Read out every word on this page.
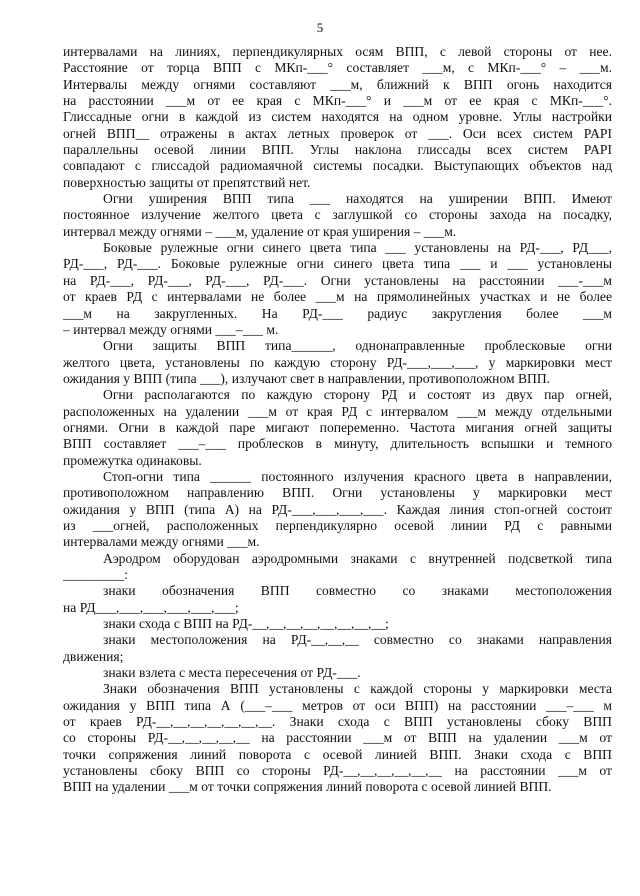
5

интервалами на линиях, перпендикулярных осям ВПП, с левой стороны от нее.

Расстояние от торца ВПП с МКп-___° составляет ___м, с МКп-___° – ___м.

Интервалы между огнями составляют ___м, ближний к ВПП огонь находится

на расстоянии ___м от ее края с МКп-___° и ___м от ее края с МКп-___°.

Глиссадные огни в каждой из систем находятся на одном уровне. Углы настройки

огней ВПП__ отражены в актах летных проверок от ___. Оси всех систем PAPI

параллельны осевой линии ВПП. Углы наклона глиссады всех систем PAPI

совпадают с глиссадой радиомаячной системы посадки. Выступающих объектов над

поверхностью защиты от препятствий нет.

Огни уширения ВПП типа ___ находятся на уширении ВПП. Имеют

постоянное излучение желтого цвета с заглушкой со стороны захода на посадку,

интервал между огнями – ___м, удаление от края уширения – ___м.

Боковые рулежные огни синего цвета типа ___ установлены на РД-___, РД___,

РД-___, РД-___. Боковые рулежные огни синего цвета типа ___ и ___ установлены

на РД-___, РД-___, РД-___, РД-___. Огни установлены на расстоянии ___-___м

от краев РД с интервалами не более ___м на прямолинейных участках и не более

___м на закругленных. На РД-___ радиус закругления более ___м

– интервал между огнями ___–___ м.

Огни защиты ВПП типа______, однонаправленные проблесковые огни

желтого цвета, установлены по каждую сторону РД-___,___,___, у маркировки мест

ожидания у ВПП (типа ___), излучают свет в направлении, противоположном ВПП.

Огни располагаются по каждую сторону РД и состоят из двух пар огней,

расположенных на удалении ___м от края РД с интервалом ___м между отдельными

огнями. Огни в каждой паре мигают попеременно. Частота мигания огней защиты

ВПП составляет ___–___ проблесков в минуту, длительность вспышки и темного

промежутка одинаковы.

Стоп-огни типа ______ постоянного излучения красного цвета в направлении,

противоположном направлению ВПП. Огни установлены у маркировки мест

ожидания у ВПП (типа А) на РД-___,___,___,___. Каждая линия стоп-огней состоит

из ___огней, расположенных перпендикулярно осевой линии РД с равными

интервалами между огнями ___м.

Аэродром оборудован аэродромными знаками с внутренней подсветкой типа

_________:

знаки обозначения ВПП совместно со знаками местоположения

на РД___,___,___,___,___,___;

знаки схода с ВПП на РД-__,__,__,__,__,__,__,__;

знаки местоположения на РД-__,__,__ совместно со знаками направления

движения;

знаки взлета с места пересечения от РД-___.

Знаки обозначения ВПП установлены с каждой стороны у маркировки места

ожидания у ВПП типа А (___–___ метров от оси ВПП) на расстоянии ___–___ м

от краев РД-__,__,__,__,__,__,__. Знаки схода с ВПП установлены сбоку ВПП

со стороны РД-__,__,__,__,__ на расстоянии ___м от ВПП на удалении ___м от

точки сопряжения линий поворота с осевой линией ВПП. Знаки схода с ВПП

установлены сбоку ВПП со стороны РД-__,__,__,__,__,__ на расстоянии ___м от

ВПП на удалении ___м от точки сопряжения линий поворота с осевой линией ВПП.
